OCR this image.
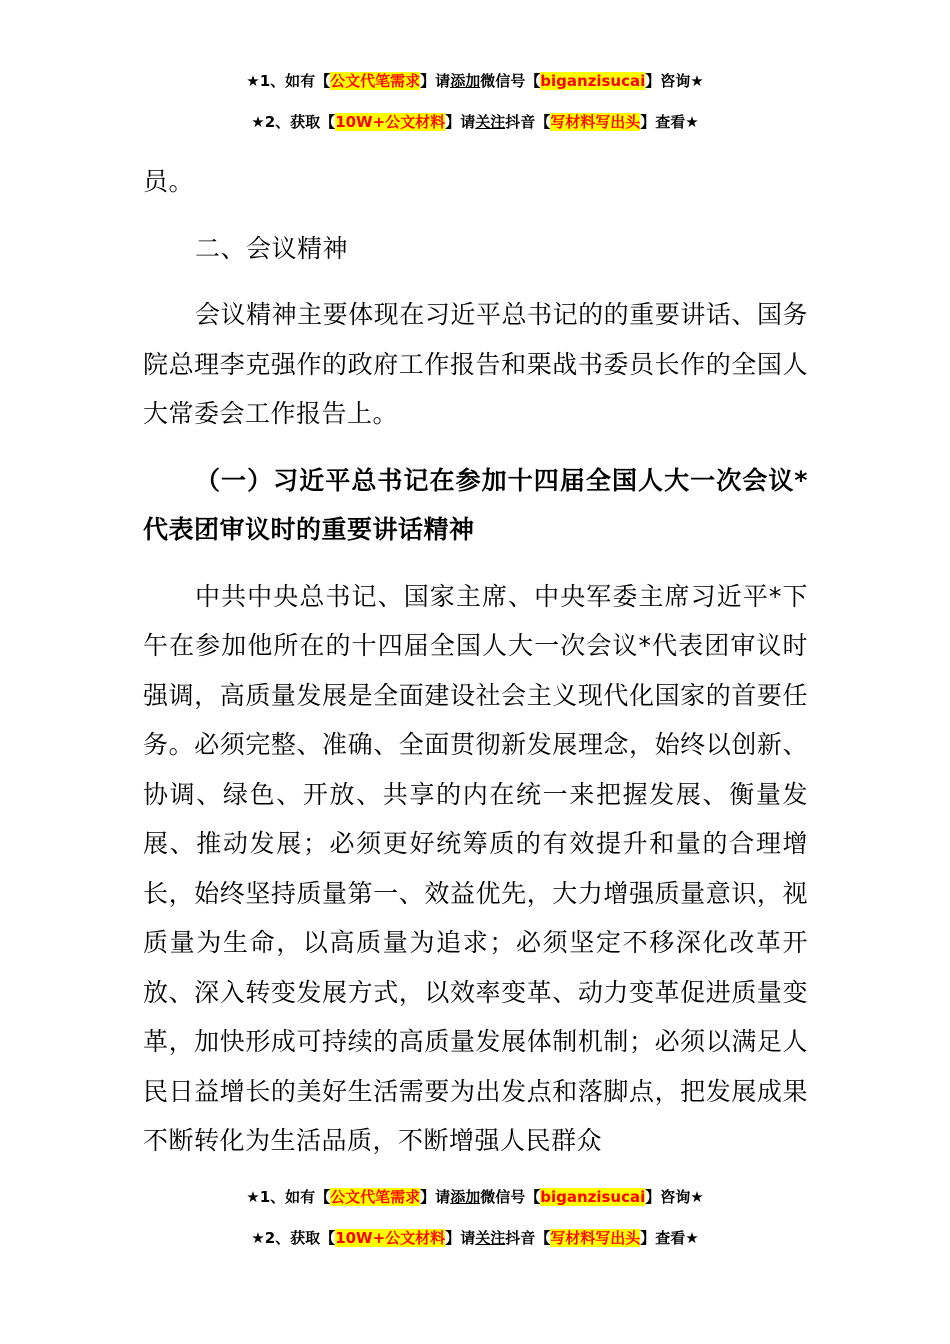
★1、如有【公文代笔需求】请添加微信号【biganzisucai】咨询★
★2、获取【10W+公文材料】请关注抖音【写材料写出头】查看★

员。

二、会议精神

会议精神主要体现在习近平总书记的的重要讲话、国务院总理李克强作的政府工作报告和栗战书委员长作的全国人大常委会工作报告上。

（一）习近平总书记在参加十四届全国人大一次会议*代表团审议时的重要讲话精神

中共中央总书记、国家主席、中央军委主席习近平*下午在参加他所在的十四届全国人大一次会议*代表团审议时强调，高质量发展是全面建设社会主义现代化国家的首要任务。必须完整、准确、全面贯彻新发展理念，始终以创新、协调、绿色、开放、共享的内在统一来把握发展、衡量发展、推动发展；必须更好统筹质的有效提升和量的合理增长，始终坚持质量第一、效益优先，大力增强质量意识，视质量为生命，以高质量为追求；必须坚定不移深化改革开放、深入转变发展方式，以效率变革、动力变革促进质量变革，加快形成可持续的高质量发展体制机制；必须以满足人民日益增长的美好生活需要为出发点和落脚点，把发展成果不断转化为生活品质，不断增强人民群众

★1、如有【公文代笔需求】请添加微信号【biganzisucai】咨询★
★2、获取【10W+公文材料】请关注抖音【写材料写出头】查看★
